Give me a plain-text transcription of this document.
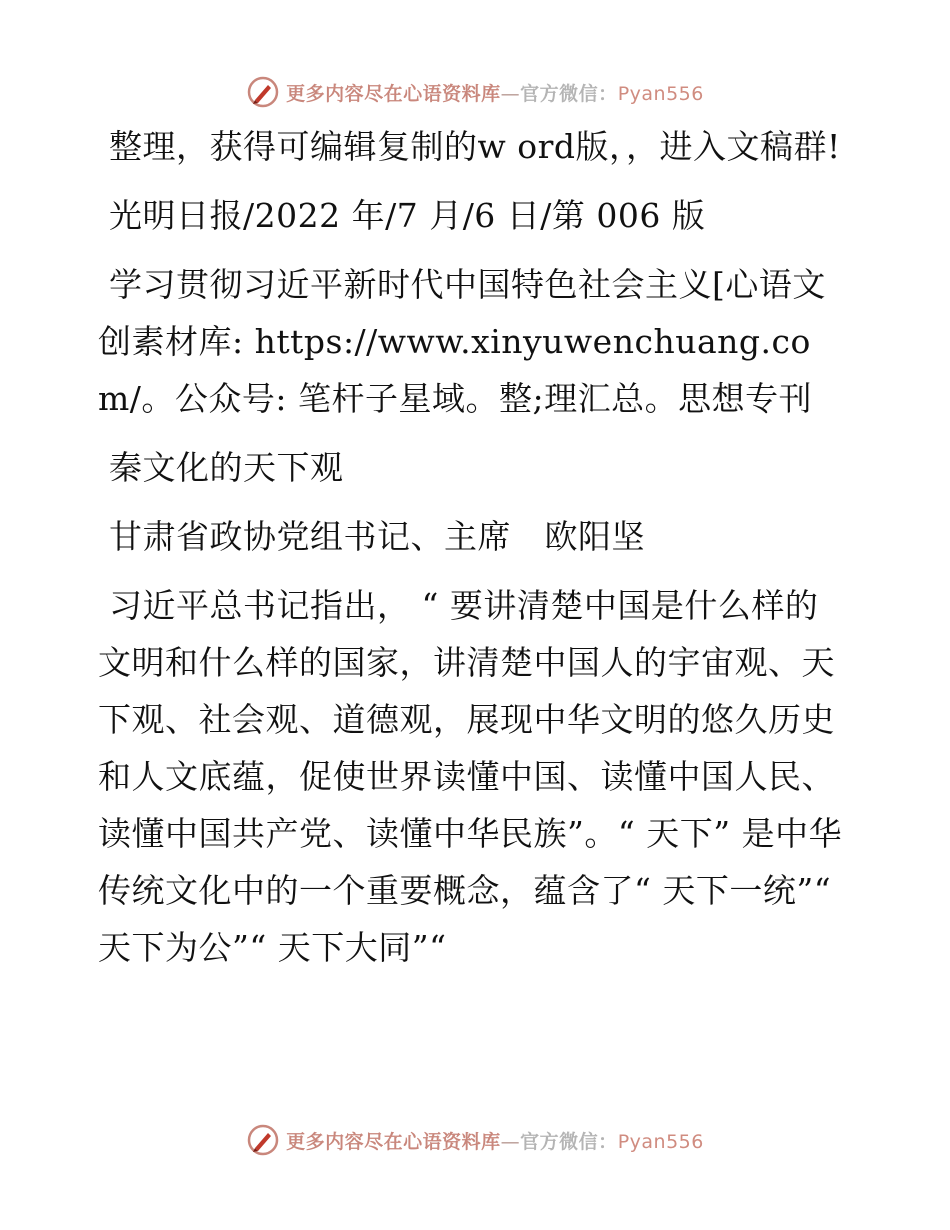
更多内容尽在心语资料库—官方微信：Pyan556

整理，获得可编辑复制的w ord版，，进入文稿群!

光明日报/2022 年/7 月/6 日/第 006 版

学习贯彻习近平新时代中国特色社会主义[心语文创素材库: https://www.xinyuwenchuang.com/。公众号: 笔杆子星域。整;理汇总。思想专刊

秦文化的天下观

甘肃省政协党组书记、主席　欧阳坚

习近平总书记指出， “ 要讲清楚中国是什么样的文明和什么样的国家，讲清楚中国人的宇宙观、天下观、社会观、道德观，展现中华文明的悠久历史和人文底蕴，促使世界读懂中国、读懂中国人民、读懂中国共产党、读懂中华民族”。“ 天下” 是中华传统文化中的一个重要概念，蕴含了“ 天下一统”“ 天下为公”“ 天下大同”“

更多内容尽在心语资料库—官方微信：Pyan556
